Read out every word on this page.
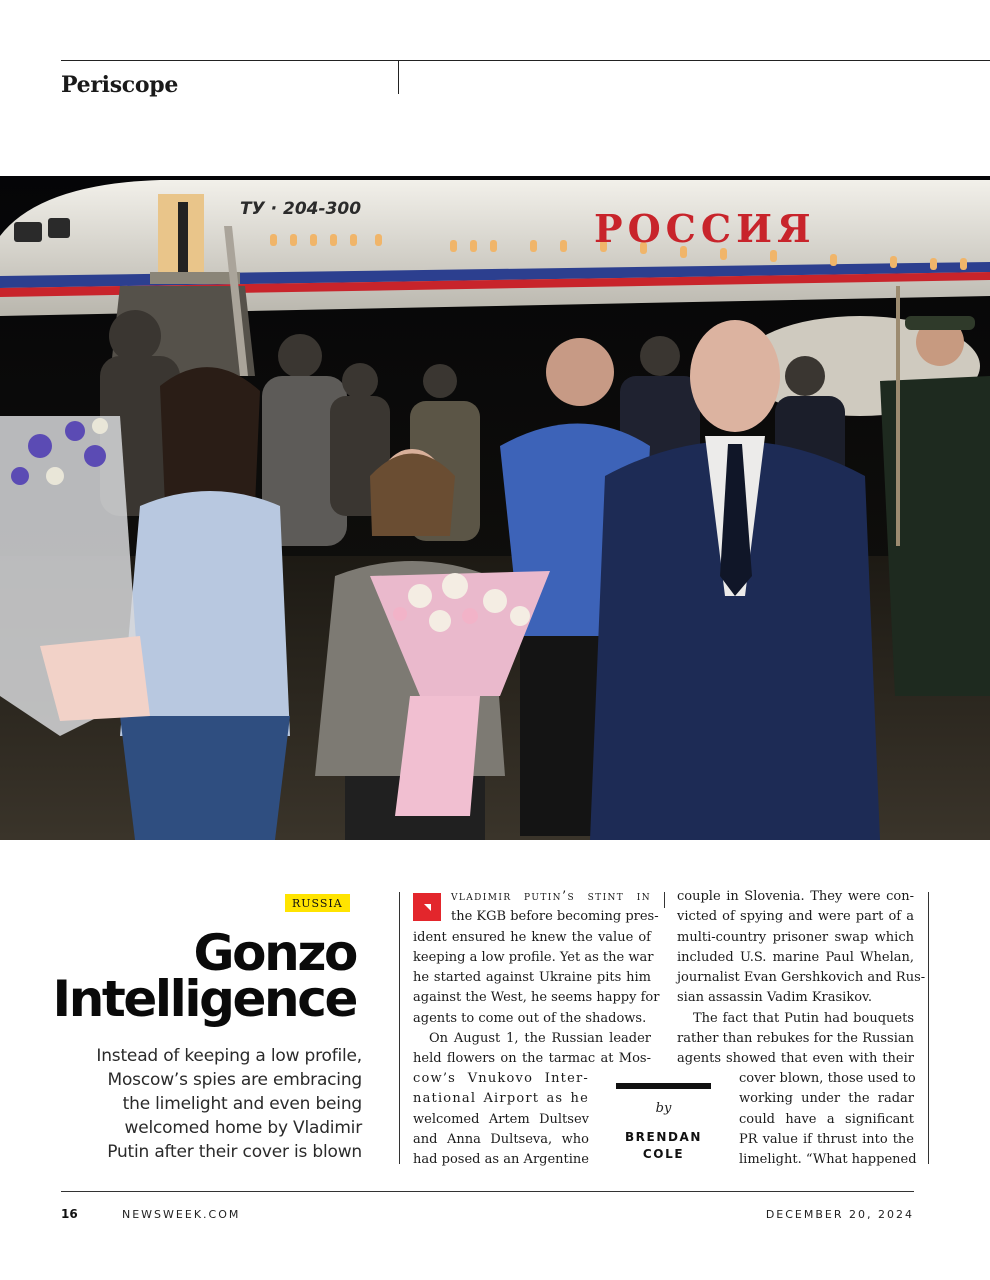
Periscope
ТУ · 204-300	РОССИЯ
RUSSIA
Gonzo
Intelligence
Instead of keeping a low profile,
Moscow’s spies are embracing
the limelight and even being
welcomed home by Vladimir
Putin after their cover is blown
vladimir putin’s stint in
the KGB before becoming pres-
ident ensured he knew the value of
keeping a low profile. Yet as the war
he started against Ukraine pits him
against the West, he seems happy for
agents to come out of the shadows.
On August 1, the Russian leader
held flowers on the tarmac at Mos-
cow’s Vnukovo Inter-
national Airport as he
welcomed Artem Dultsev
and Anna Dultseva, who
had posed as an Argentine
couple in Slovenia. They were con-
victed of spying and were part of a
multi-country prisoner swap which
included U.S. marine Paul Whelan,
journalist Evan Gershkovich and Rus-
sian assassin Vadim Krasikov.
The fact that Putin had bouquets
rather than rebukes for the Russian
agents showed that even with their
cover blown, those used to
working under the radar
could have a significant
PR value if thrust into the
limelight. “What happened
by
BRENDAN
COLE
16	NEWSWEEK.COM	DECEMBER 20, 2024
